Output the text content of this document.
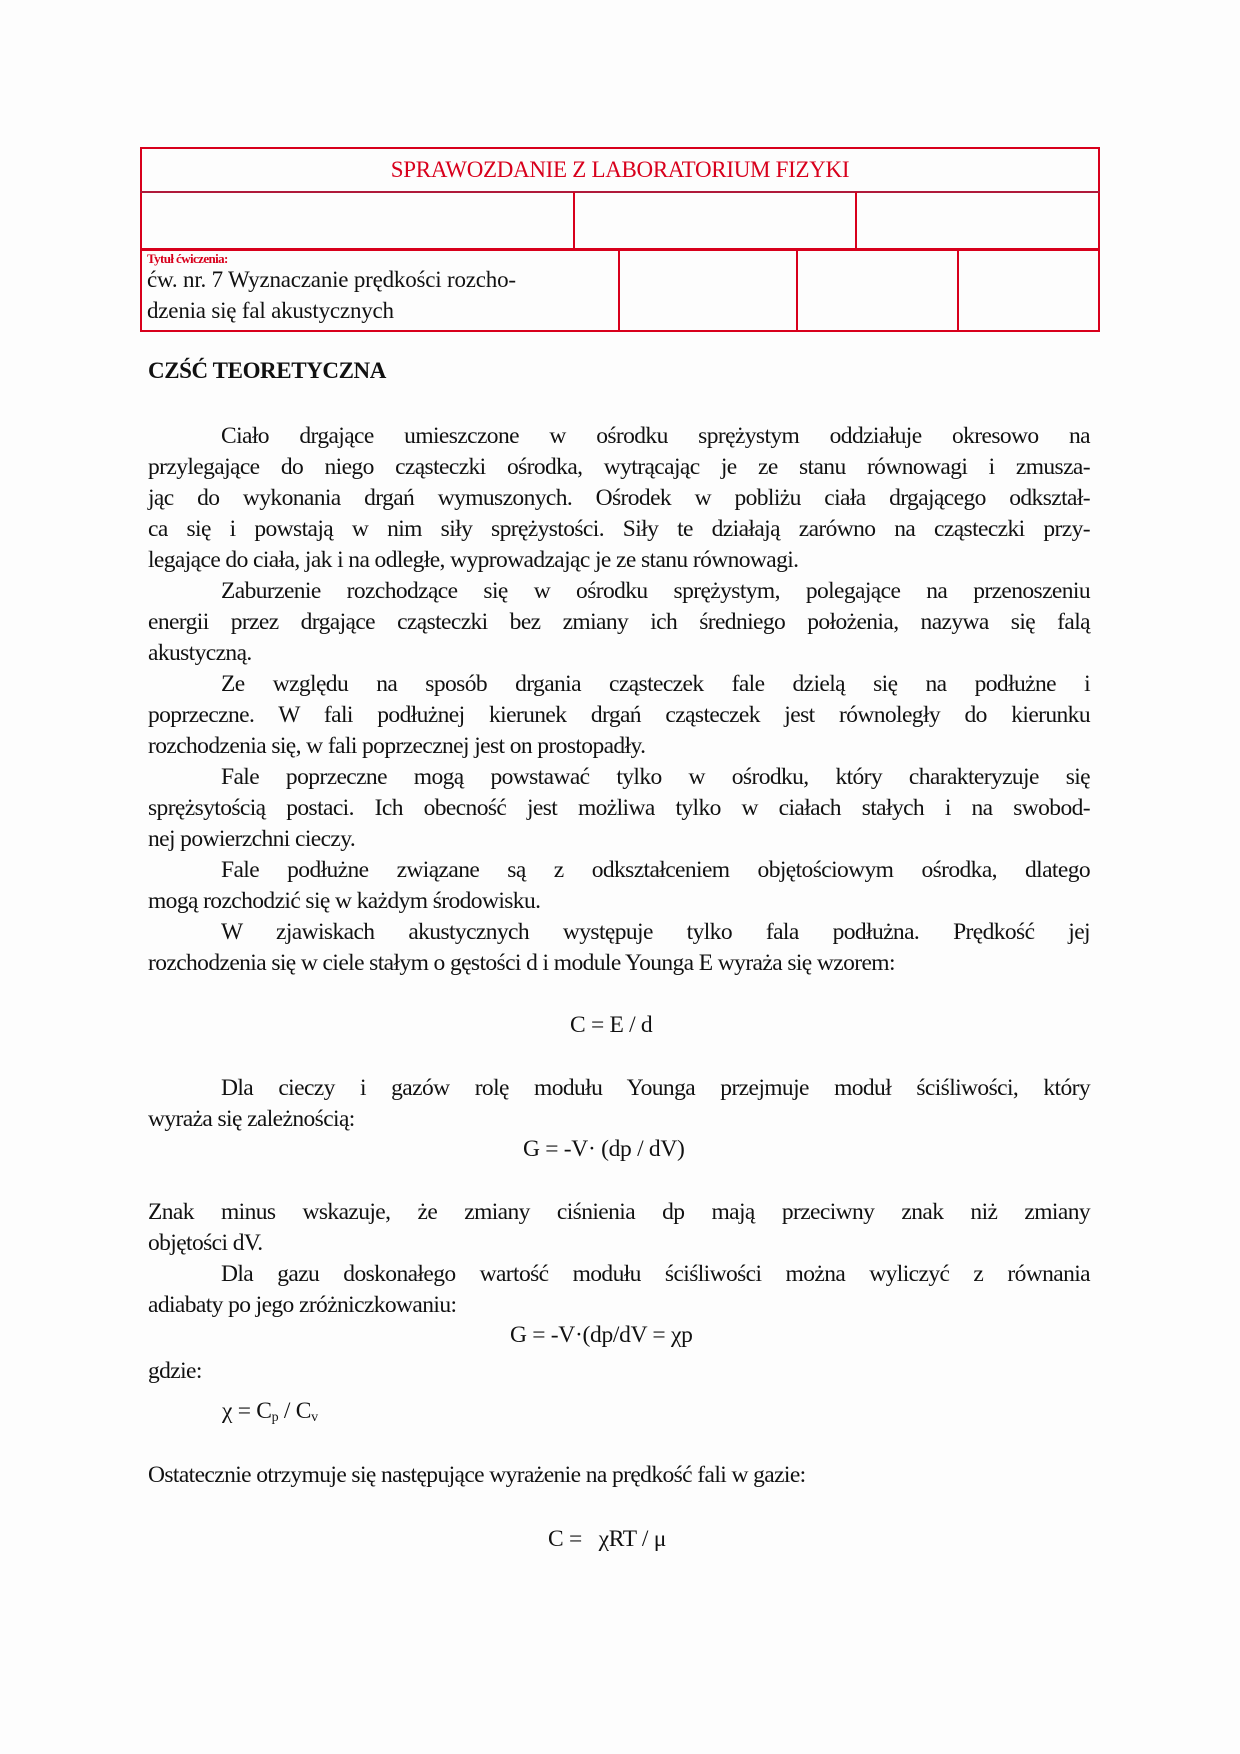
SPRAWOZDANIE Z LABORATORIUM FIZYKI
Tytuł ćwiczenia:
ćw. nr. 7 Wyznaczanie prędkości rozcho-
dzenia się fal akustycznych
CZŚĆ TEORETYCZNA
Ciało drgające umieszczone w ośrodku sprężystym oddziałuje okresowo na
przylegające do niego cząsteczki ośrodka, wytrącając je ze stanu równowagi i zmusza-
jąc do wykonania drgań wymuszonych. Ośrodek w pobliżu ciała drgającego odkształ-
ca się i powstają w nim siły sprężystości. Siły te działają zarówno na cząsteczki przy-
legające do ciała, jak i na odległe, wyprowadzając je ze stanu równowagi.
Zaburzenie rozchodzące się w ośrodku sprężystym, polegające na przenoszeniu
energii przez drgające cząsteczki bez zmiany ich średniego położenia, nazywa się falą
akustyczną.
Ze względu na sposób drgania cząsteczek fale dzielą się na podłużne i
poprzeczne. W fali podłużnej kierunek drgań cząsteczek jest równoległy do kierunku
rozchodzenia się, w fali poprzecznej jest on prostopadły.
Fale poprzeczne mogą powstawać tylko w ośrodku, który charakteryzuje się
sprężsytością postaci. Ich obecność jest możliwa tylko w ciałach stałych i na swobod-
nej powierzchni cieczy.
Fale podłużne związane są z odkształceniem objętościowym ośrodka, dlatego
mogą rozchodzić się w każdym środowisku.
W zjawiskach akustycznych występuje tylko fala podłużna. Prędkość jej
rozchodzenia się w ciele stałym o gęstości d i module Younga E wyraża się wzorem:
C = E / d
Dla cieczy i gazów rolę modułu Younga przejmuje moduł ściśliwości, który
wyraża się zależnością:
G = -V· (dp / dV)
Znak minus wskazuje, że zmiany ciśnienia dp mają przeciwny znak niż zmiany
objętości dV.
Dla gazu doskonałego wartość modułu ściśliwości można wyliczyć z równania
adiabaty po jego zróżniczkowaniu:
G = -V·(dp/dV = χp
gdzie:
$\chi = C_p / C_v$
Ostatecznie otrzymuje się następujące wyrażenie na prędkość fali w gazie:
C =   χRT / μ
